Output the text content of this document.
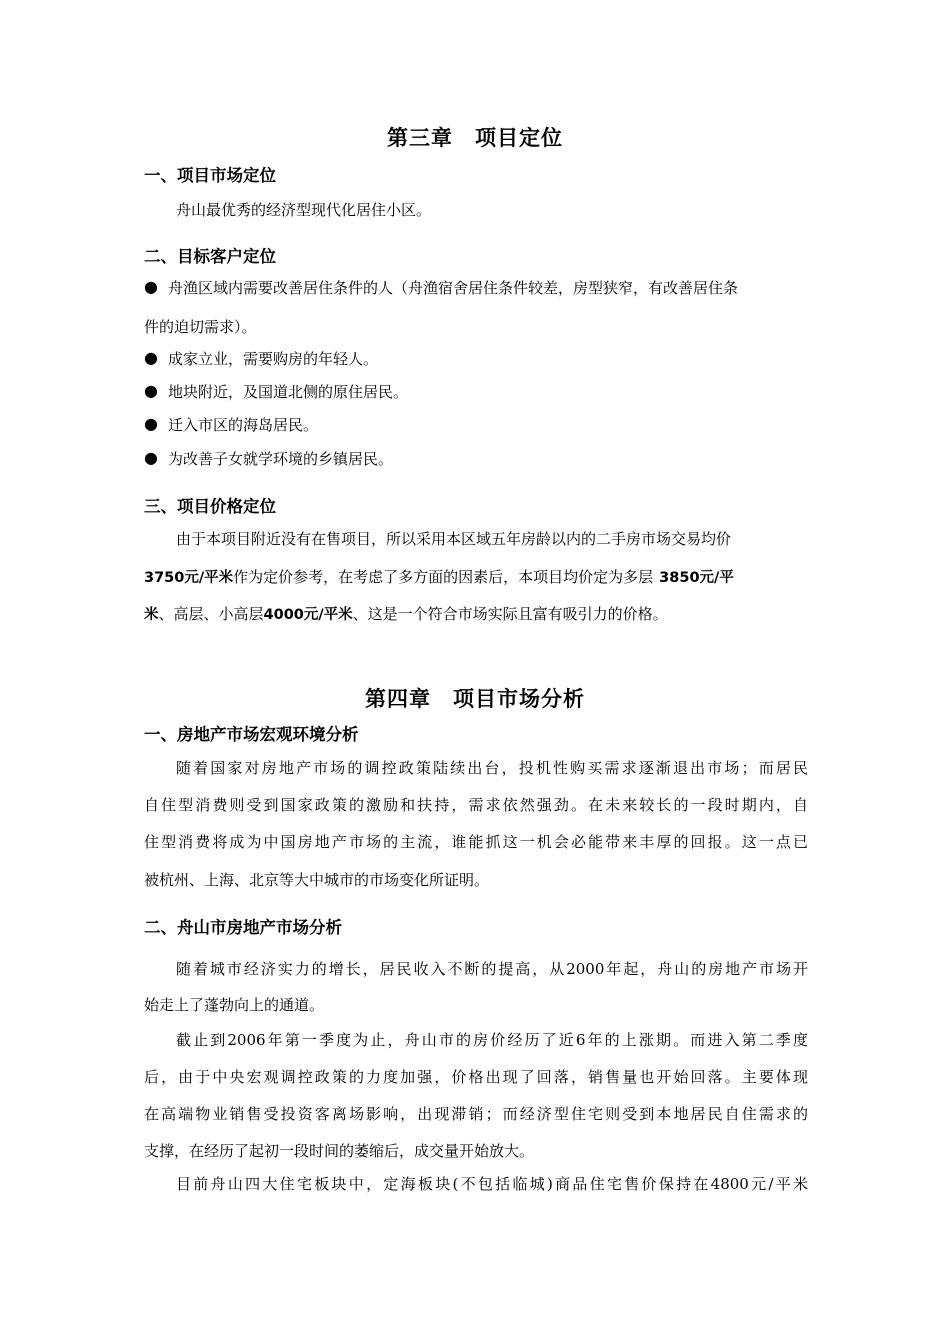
第三章　项目定位
一、项目市场定位
舟山最优秀的经济型现代化居住小区。
二、目标客户定位
● 舟渔区域内需要改善居住条件的人（舟渔宿舍居住条件较差，房型狭窄，有改善居住条
件的迫切需求）。
● 成家立业，需要购房的年轻人。
● 地块附近，及国道北侧的原住居民。
● 迁入市区的海岛居民。
● 为改善子女就学环境的乡镇居民。
三、项目价格定位
由于本项目附近没有在售项目，所以采用本区域五年房龄以内的二手房市场交易均价
3750元/平米作为定价参考，在考虑了多方面的因素后，本项目均价定为多层 3850元/平
米、高层、小高层4000元/平米、这是一个符合市场实际且富有吸引力的价格。
第四章　项目市场分析
一、房地产市场宏观环境分析
随着国家对房地产市场的调控政策陆续出台，投机性购买需求逐渐退出市场；而居民
自住型消费则受到国家政策的激励和扶持，需求依然强劲。在未来较长的一段时期内，自
住型消费将成为中国房地产市场的主流，谁能抓这一机会必能带来丰厚的回报。这一点已
被杭州、上海、北京等大中城市的市场变化所证明。
二、舟山市房地产市场分析
随着城市经济实力的增长，居民收入不断的提高，从2000年起，舟山的房地产市场开
始走上了蓬勃向上的通道。
截止到2006年第一季度为止，舟山市的房价经历了近6年的上涨期。而进入第二季度
后，由于中央宏观调控政策的力度加强，价格出现了回落，销售量也开始回落。主要体现
在高端物业销售受投资客离场影响，出现滞销；而经济型住宅则受到本地居民自住需求的
支撑，在经历了起初一段时间的萎缩后，成交量开始放大。
目前舟山四大住宅板块中，定海板块(不包括临城)商品住宅售价保持在4800元/平米
